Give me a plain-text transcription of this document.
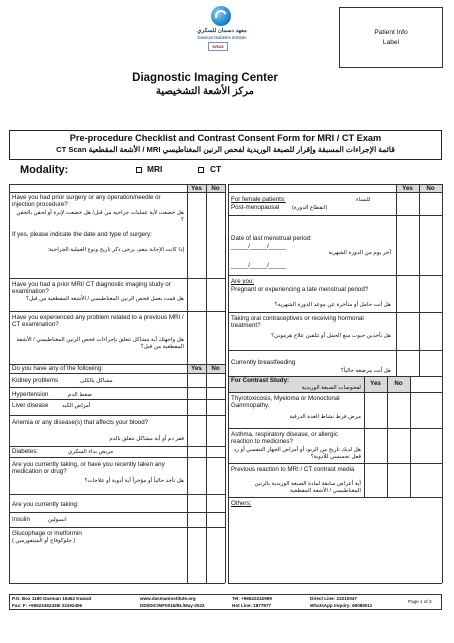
معهد دسمان للسكري
Dasman Diabetes Institute
KRAS
Patient Info
Label
Diagnostic Imaging Center
مركز الأشعة التشخيصية
Pre-procedure Checklist and Contrast Consent Form for MRI / CT Exam
قائمة الإجراءات المسبقة وإقرار للصبغة الوريدية لفحص الرنين المغناطيسي MRI / الأشعة المقطعية CT Scan
Modality:	MRI	CT
Yes	No
Have you had prior surgery or any operation/needle or injection procedure?
هل خضعت لأية عمليات جراحية من قبل/ هل خضعت لإبرة أو لحقن بالحقن ؟
If yes, please indicate the date and type of surgery:
إذا كانت الإجابة بنعم، يرجى ذكر تاريخ ونوع العملية الجراحية:
Have you had a prior MRI/ CT diagnostic imaging study or examination?
هل قمت بعمل فحص الرنين المغناطيسي / الأشعة المقطعية من قبل؟
Have you experienced any problem related to a previous MRI / CT examination?
هل واجهتك أية مشاكل تتعلق بإجراءات فحص الرنين المغناطيسي / الأشعة المقطعية من قبل؟
Do you have any of the following:	Yes	No
Kidney problems	مشاكل بالكلى
Hypertension	ضغط الدم
Liver disease أمراض الكبد
Anemia or any disease(s) that affects your blood?
فقر دم أو أية مشاكل تتعلق بالدم
Diabetes:	مريض بداء السكري
Are you currently taking, or have you recently taken any medication or drug?
هل تأخذ حالياً أو مؤخراً أية أدوية أو علاجات؟
Are you currently taking:
Insulin	انسولين
Glucophage or metformin
( جلوكوفاج أو الميتفورمين )
Yes	No
For female patients:	للنساء
Post-menopausal (انقطاع الدورة)
Date of last menstrual period:
آخر يوم من الدورة الشهرية
_____/_____/_____
_____/_____/_____
Are you:
Pregnant or experiencing a late menstrual period?
هل أنت حامل أو متأخرة عن موعد الدورة الشهرية؟
Taking oral contraceptives or receiving hormonal treatment?
هل تأخذين حبوب منع الحمل أو تتلقين علاج هرموني؟
Currently breastfeeding
هل أنت مرضعة حالياً؟
For Contrast Study:
لفحوصات الصبغة الوريدية
Yes	No
Thyrotoxicosis, Myeloma or Monoclonal Gammopathy.
مرض فرط نشاط الغدة الدرقية
Asthma, respiratory disease, or allergic reaction to medicines?
هل لديك تاريخ من الربو، أو أمراض الجهاز التنفسي أو رد فعل تحسسي للأدوية؟
Previous reaction to MRI / CT contrast media
أية أعراض سابقة لمادة الصبغة الوريدية بالرنين المغناطيسي / الأشعة المقطعية
Others:
P.O. Box 1180 Dasman 15462 Kuwait
Fax: F: +96522462436/ 22492406
www.dasmaninstitute.org
DDI/DIC/MF0016/BL/May-2022
Tel: +96522242999
Hot Line: 1877877
Direct Line: 22210047
WhatsApp Inquiry: 65085011
Page 1 of 3
